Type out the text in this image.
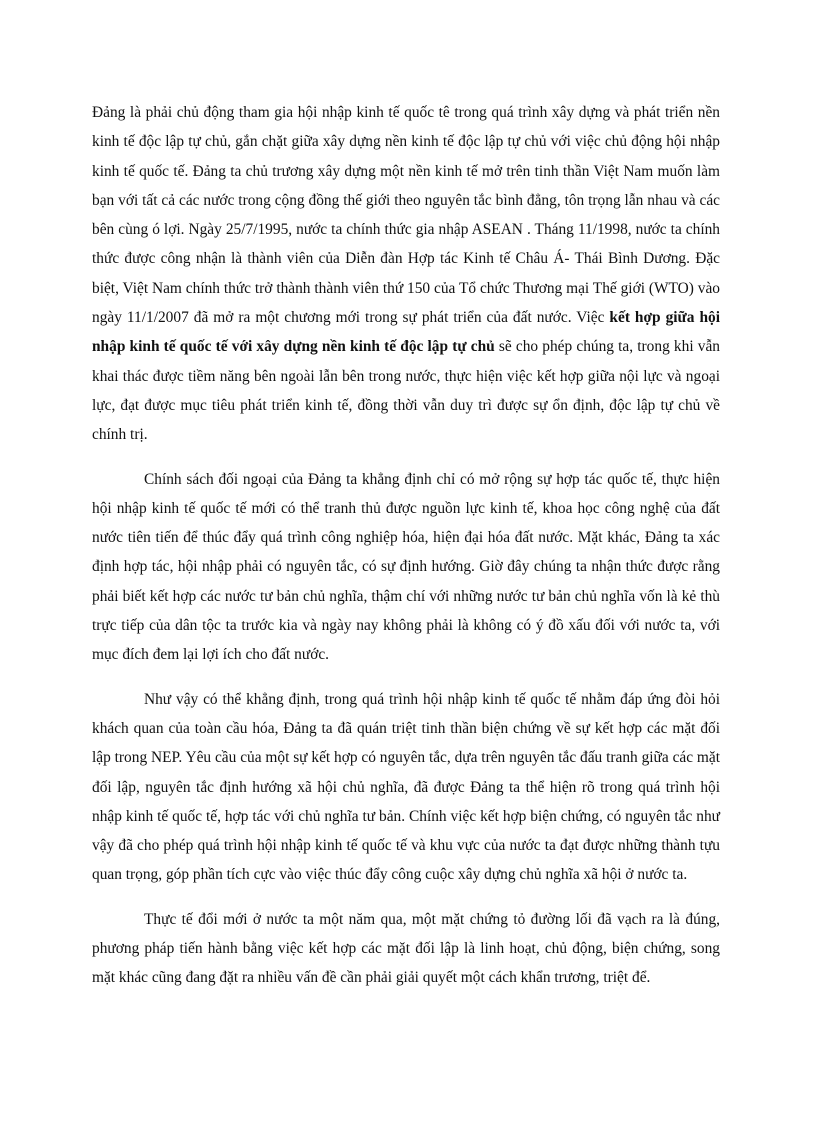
Đảng là phải chủ động tham gia hội nhập kinh tế quốc tê trong quá trình xây dựng và phát triển nền kinh tế độc lập tự chủ, gắn chặt giữa xây dựng nền kinh tế độc lập tự chủ với việc chủ động hội nhập kinh tế quốc tế. Đảng ta chủ trương xây dựng một nền kinh tế mở trên tinh thần Việt Nam muốn làm bạn với tất cả các nước trong cộng đồng thế giới theo nguyên tắc bình đẳng, tôn trọng lẫn nhau và các bên cùng ó lợi. Ngày 25/7/1995, nước ta chính thức gia nhập ASEAN . Tháng 11/1998, nước ta chính thức được công nhận là thành viên của Diễn đàn Hợp tác Kinh tế Châu Á- Thái Bình Dương. Đặc biệt, Việt Nam chính thức trở thành thành viên thứ 150 của Tổ chức Thương mại Thế giới (WTO) vào ngày 11/1/2007 đã mở ra một chương mới trong sự phát triển của đất nước. Việc kết hợp giữa hội nhập kinh tế quốc tế với xây dựng nền kinh tế độc lập tự chủ sẽ cho phép chúng ta, trong khi vẫn khai thác được tiềm năng bên ngoài lẫn bên trong nước, thực hiện việc kết hợp giữa nội lực và ngoại lực, đạt được mục tiêu phát triển kinh tế, đồng thời vẫn duy trì được sự ổn định, độc lập tự chủ về chính trị.

Chính sách đối ngoại của Đảng ta khẳng định chỉ có mở rộng sự hợp tác quốc tế, thực hiện hội nhập kinh tế quốc tế mới có thể tranh thủ được nguồn lực kinh tế, khoa học công nghệ của đất nước tiên tiến để thúc đẩy quá trình công nghiệp hóa, hiện đại hóa đất nước. Mặt khác, Đảng ta xác định hợp tác, hội nhập phải có nguyên tắc, có sự định hướng. Giờ đây chúng ta nhận thức được rằng phải biết kết hợp các nước tư bản chủ nghĩa, thậm chí với những nước tư bản chủ nghĩa vốn là kẻ thù trực tiếp của dân tộc ta trước kia và ngày nay không phải là không có ý đồ xấu đối với nước ta, với mục đích đem lại lợi ích cho đất nước.

Như vậy có thể khẳng định, trong quá trình hội nhập kinh tế quốc tế nhằm đáp ứng đòi hỏi khách quan của toàn cầu hóa, Đảng ta đã quán triệt tinh thần biện chứng về sự kết hợp các mặt đối lập trong NEP. Yêu cầu của một sự kết hợp có nguyên tắc, dựa trên nguyên tắc đấu tranh giữa các mặt đối lập, nguyên tắc định hướng xã hội chủ nghĩa, đã được Đảng ta thể hiện rõ trong quá trình hội nhập kinh tế quốc tế, hợp tác với chủ nghĩa tư bản. Chính việc kết hợp biện chứng, có nguyên tắc như vậy đã cho phép quá trình hội nhập kinh tế quốc tế và khu vực của nước ta đạt được những thành tựu quan trọng, góp phần tích cực vào việc thúc đẩy công cuộc xây dựng chủ nghĩa xã hội ở nước ta.

Thực tế đổi mới ở nước ta một năm qua, một mặt chứng tỏ đường lối đã vạch ra là đúng, phương pháp tiến hành bằng việc kết hợp các mặt đối lập là linh hoạt, chủ động, biện chứng, song mặt khác cũng đang đặt ra nhiều vấn đề cần phải giải quyết một cách khẩn trương, triệt để.
